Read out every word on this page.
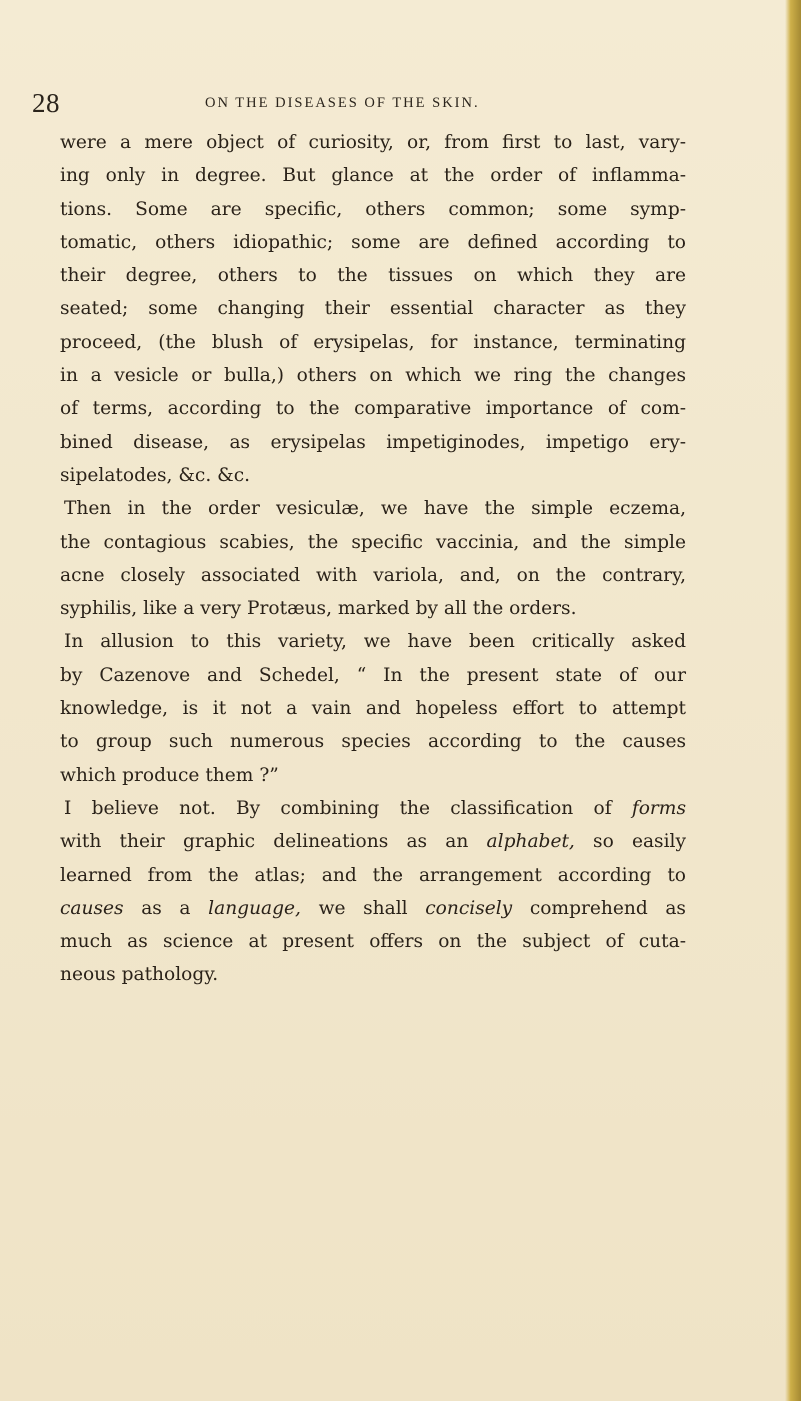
28	ON THE DISEASES OF THE SKIN.
were a mere object of curiosity, or, from first to last, vary-
ing only in degree. But glance at the order of inflamma-
tions. Some are specific, others common; some symp-
tomatic, others idiopathic; some are defined according to
their degree, others to the tissues on which they are
seated; some changing their essential character as they
proceed, (the blush of erysipelas, for instance, terminating
in a vesicle or bulla,) others on which we ring the changes
of terms, according to the comparative importance of com-
bined disease, as erysipelas impetiginodes, impetigo ery-
sipelatodes, &c. &c.
Then in the order vesiculæ, we have the simple eczema,
the contagious scabies, the specific vaccinia, and the simple
acne closely associated with variola, and, on the contrary,
syphilis, like a very Protæus, marked by all the orders.
In allusion to this variety, we have been critically asked
by Cazenove and Schedel, “ In the present state of our
knowledge, is it not a vain and hopeless effort to attempt
to group such numerous species according to the causes
which produce them ?”
I believe not. By combining the classification of forms
with their graphic delineations as an alphabet, so easily
learned from the atlas; and the arrangement according to
causes as a language, we shall concisely comprehend as
much as science at present offers on the subject of cuta-
neous pathology.
